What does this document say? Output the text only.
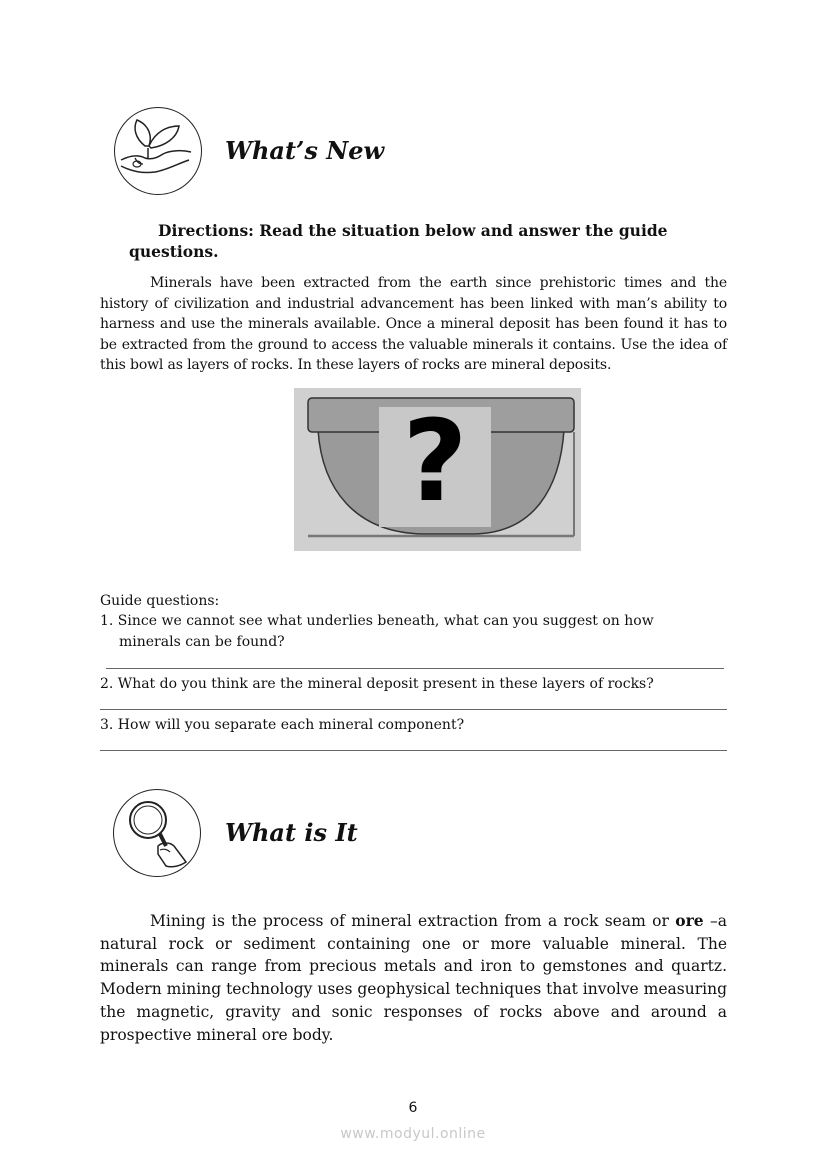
What’s New

Directions: Read the situation below and answer the guide
questions.

Minerals have been extracted from the earth since prehistoric times and the history of civilization and industrial advancement has been linked with man’s ability to harness and use the minerals available. Once a mineral deposit has been found it has to be extracted from the ground to access the valuable minerals it contains. Use the idea of this bowl as layers of rocks. In these layers of rocks are mineral deposits.

?

Guide questions:

1. Since we cannot see what underlies beneath, what can you suggest on how
minerals can be found?

2. What do you think are the mineral deposit present in these layers of rocks?

3. How will you separate each mineral component?

What is It

Mining is the process of mineral extraction from a rock seam or ore –a natural rock or sediment containing one or more valuable mineral. The minerals can range from precious metals and iron to gemstones and quartz. Modern mining technology uses geophysical techniques that involve measuring the magnetic, gravity and sonic responses of rocks above and around a prospective mineral ore body.

6
www.modyul.online
